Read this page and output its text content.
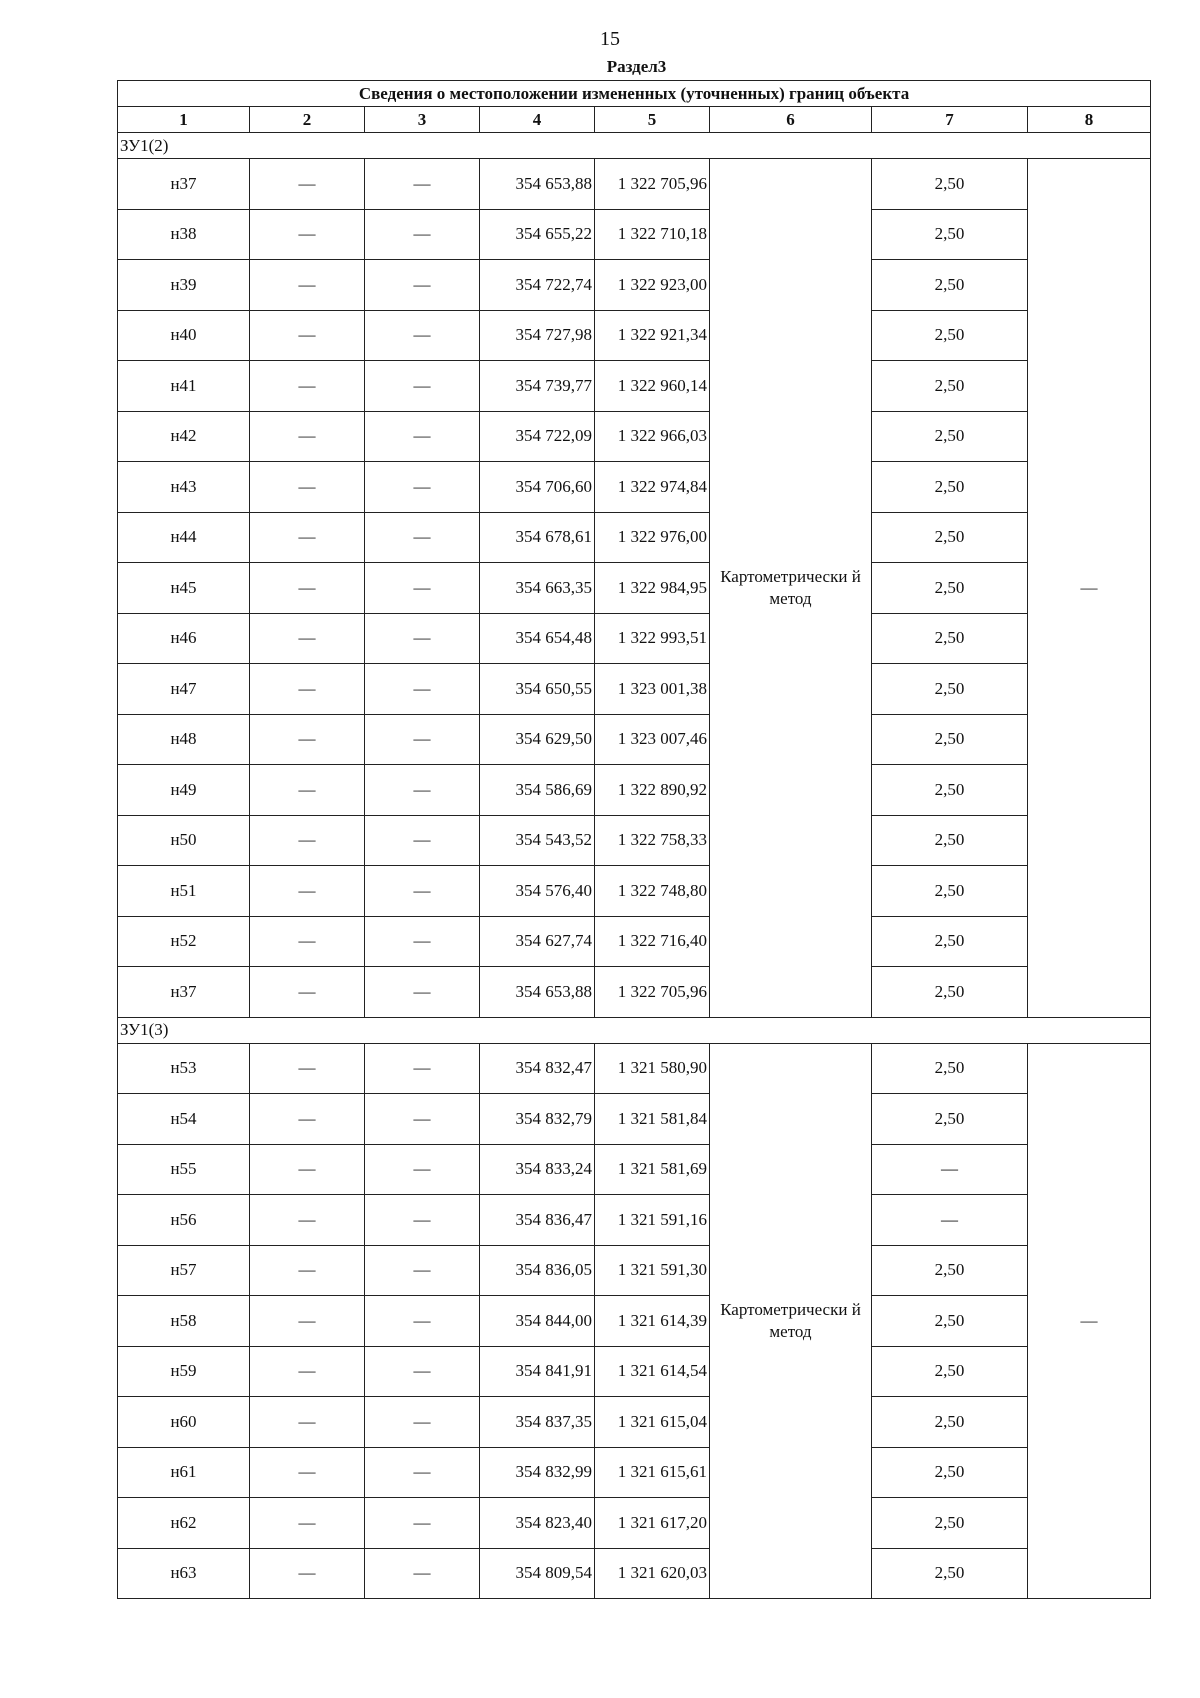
15
Раздел3
Сведения о местоположении измененных (уточненных) границ объекта							
1	2	3	4	5	6	7	8
ЗУ1(2)							
н37	—	—	354 653,88	1 322 705,96	Картометрически й метод	2,50	—
н38	—	—	354 655,22	1 322 710,18		2,50	
н39	—	—	354 722,74	1 322 923,00		2,50	
н40	—	—	354 727,98	1 322 921,34		2,50	
н41	—	—	354 739,77	1 322 960,14		2,50	
н42	—	—	354 722,09	1 322 966,03		2,50	
н43	—	—	354 706,60	1 322 974,84		2,50	
н44	—	—	354 678,61	1 322 976,00		2,50	
н45	—	—	354 663,35	1 322 984,95		2,50	
н46	—	—	354 654,48	1 322 993,51		2,50	
н47	—	—	354 650,55	1 323 001,38		2,50	
н48	—	—	354 629,50	1 323 007,46		2,50	
н49	—	—	354 586,69	1 322 890,92		2,50	
н50	—	—	354 543,52	1 322 758,33		2,50	
н51	—	—	354 576,40	1 322 748,80		2,50	
н52	—	—	354 627,74	1 322 716,40		2,50	
н37	—	—	354 653,88	1 322 705,96		2,50	
ЗУ1(3)							
н53	—	—	354 832,47	1 321 580,90	Картометрически й метод	2,50	—
н54	—	—	354 832,79	1 321 581,84		2,50	
н55	—	—	354 833,24	1 321 581,69		—	
н56	—	—	354 836,47	1 321 591,16		—	
н57	—	—	354 836,05	1 321 591,30		2,50	
н58	—	—	354 844,00	1 321 614,39		2,50	
н59	—	—	354 841,91	1 321 614,54		2,50	
н60	—	—	354 837,35	1 321 615,04		2,50	
н61	—	—	354 832,99	1 321 615,61		2,50	
н62	—	—	354 823,40	1 321 617,20		2,50	
н63	—	—	354 809,54	1 321 620,03		2,50	
